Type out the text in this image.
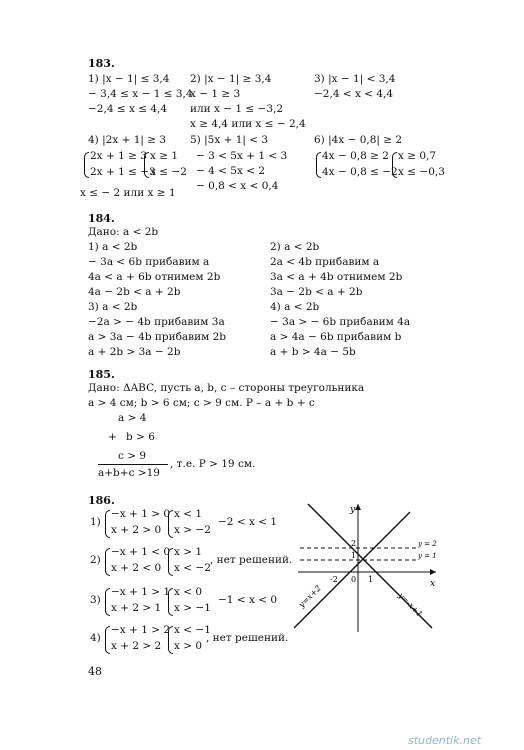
183.
1) |x − 1| ≤ 3,4
− 3,4 ≤ x − 1 ≤ 3,4
−2,4 ≤ x ≤ 4,4
2) |x − 1| ≥ 3,4
x − 1 ≥ 3
или x − 1 ≤ −3,2
x ≥ 4,4 или x ≤ − 2,4
3) |x − 1| < 3,4
−2,4 < x < 4,4
4) |2x + 1| ≥ 3
2x + 1 ≥ 3
2x + 1 ≤ −3
x ≥ 1
x ≤ −2
x ≤ − 2 или x ≥ 1
5) |5x + 1| < 3
− 3 < 5x + 1 < 3
− 4 < 5x < 2
− 0,8 < x < 0,4
6) |4x − 0,8| ≥ 2
4x − 0,8 ≥ 2
4x − 0,8 ≤ −2
x ≥ 0,7
x ≤ −0,3
184.
Дано: a < 2b
1) a < 2b
− 3a < 6b прибавим a
4a < a + 6b отнимем 2b
4a − 2b < a + 2b
3) a < 2b
−2a > − 4b прибавим 3a
a > 3a − 4b прибавим 2b
a + 2b > 3a − 2b
2) a < 2b
2a < 4b прибавим a
3a < a + 4b отнимем 2b
3a − 2b < a + 2b
4) a < 2b
− 3a > − 6b прибавим 4a
a > 4a − 6b прибавим b
a + b > 4a − 5b
185.
Дано: ΔABC, пусть a, b, c – стороны треугольника
a > 4 см; b > 6 см; c > 9 см. P – a + b + c
a > 4
+ b > 6
c > 9
a+b+c >19
, т.е. P > 19 см.
186.
1)
−x + 1 > 0
x + 2 > 0
x < 1
x > −2
−2 < x < 1
2)
−x + 1 < 0
x + 2 < 0
x > 1
x < −2
, нет решений.
3)
−x + 1 > 1
x + 2 > 1
x < 0
x > −1
−1 < x < 0
4)
−x + 1 > 2
x + 2 > 2
x < −1
x > 0
, нет решений.
y
x
2
1
-2 0 1
y = 2
y = 1
y=x+2	y=-x+1
48
studentik.net
